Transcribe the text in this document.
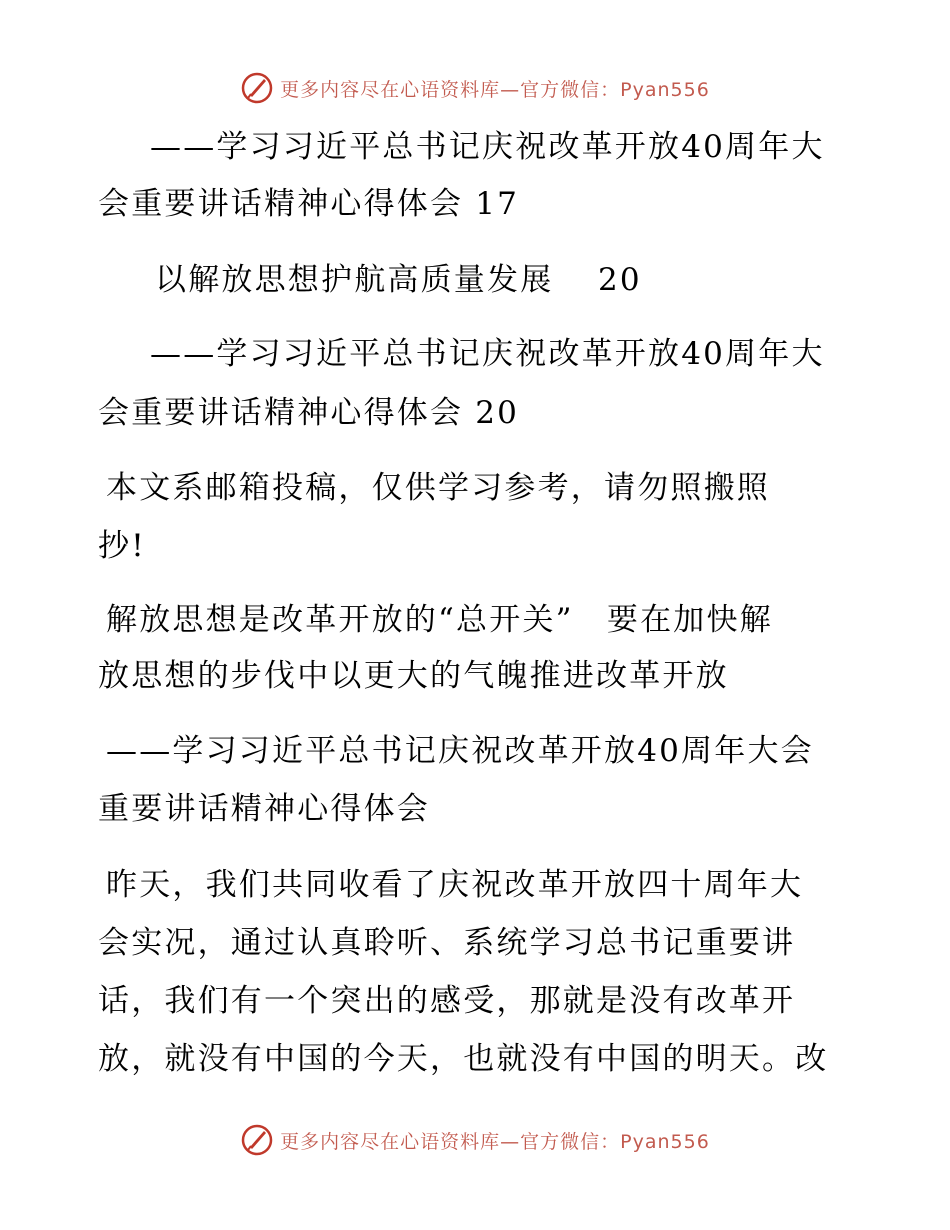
更多内容尽在心语资料库—官方微信：Pyan556
——学习习近平总书记庆祝改革开放40周年大
会重要讲话精神心得体会 17
以解放思想护航高质量发展 20
——学习习近平总书记庆祝改革开放40周年大
会重要讲话精神心得体会 20
本文系邮箱投稿，仅供学习参考，请勿照搬照
抄!
解放思想是改革开放的“总开关”　要在加快解
放思想的步伐中以更大的气魄推进改革开放
——学习习近平总书记庆祝改革开放40周年大会
重要讲话精神心得体会
昨天，我们共同收看了庆祝改革开放四十周年大
会实况，通过认真聆听、系统学习总书记重要讲
话，我们有一个突出的感受，那就是没有改革开
放，就没有中国的今天，也就没有中国的明天。改
更多内容尽在心语资料库—官方微信：Pyan556
